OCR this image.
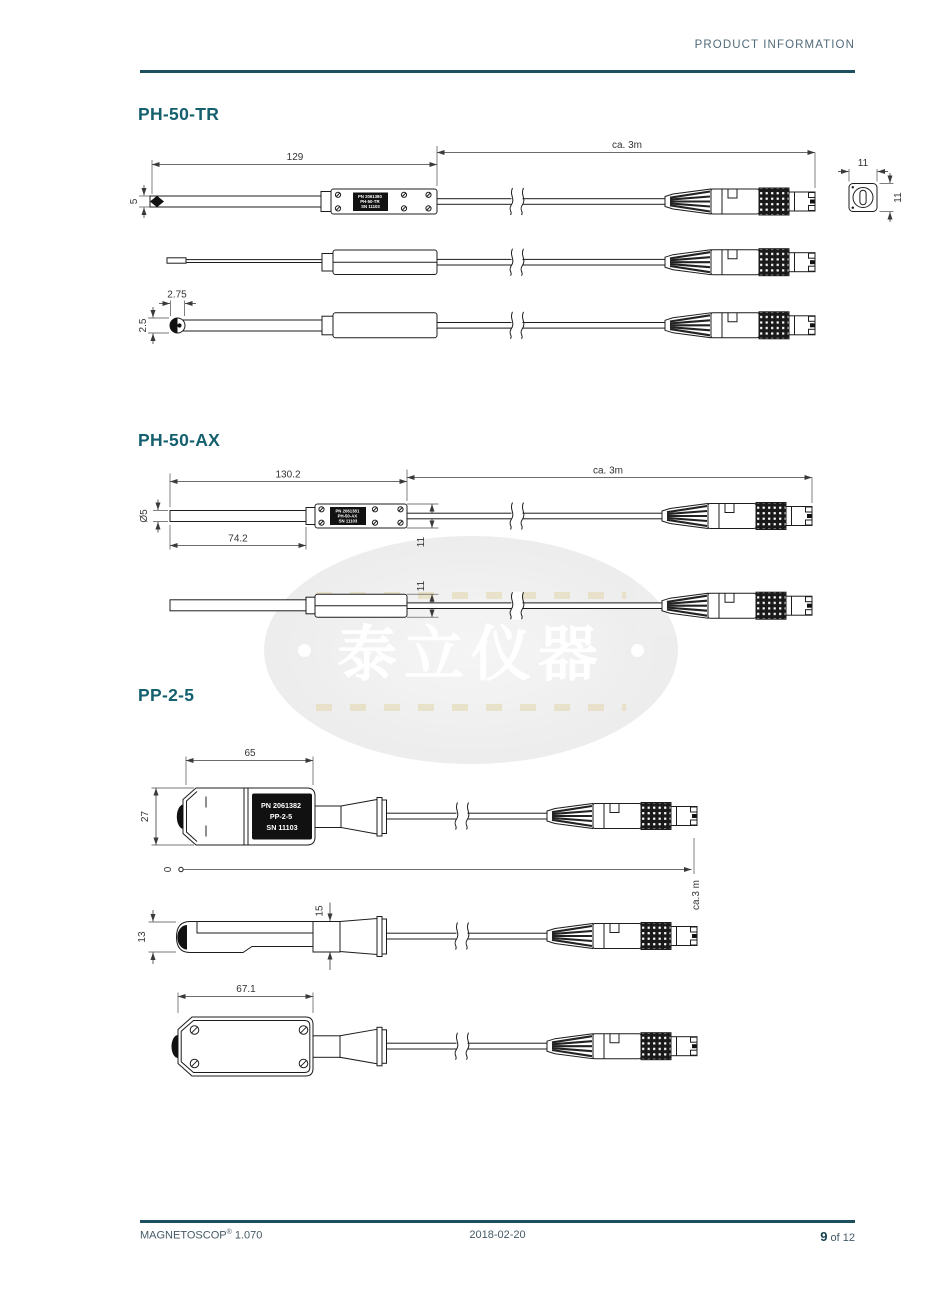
PRODUCT INFORMATION
PH-50-TR
PH-50-AX
PP-2-5
泰立仪器
129
ca. 3m
5
PN 2061380 PH-50-TR SN 11103
11
11
2.75
2.5
130.2	ca. 3m
Ø5
74.2
PN 2061381 PH-50-AX SN 11103
11
11
65
27
PN 2061382 PP-2-5 SN 11103
0
ca.3 m
13
15
67.1
MAGNETOSCOP® 1.070	2018-02-20	9 of 12
